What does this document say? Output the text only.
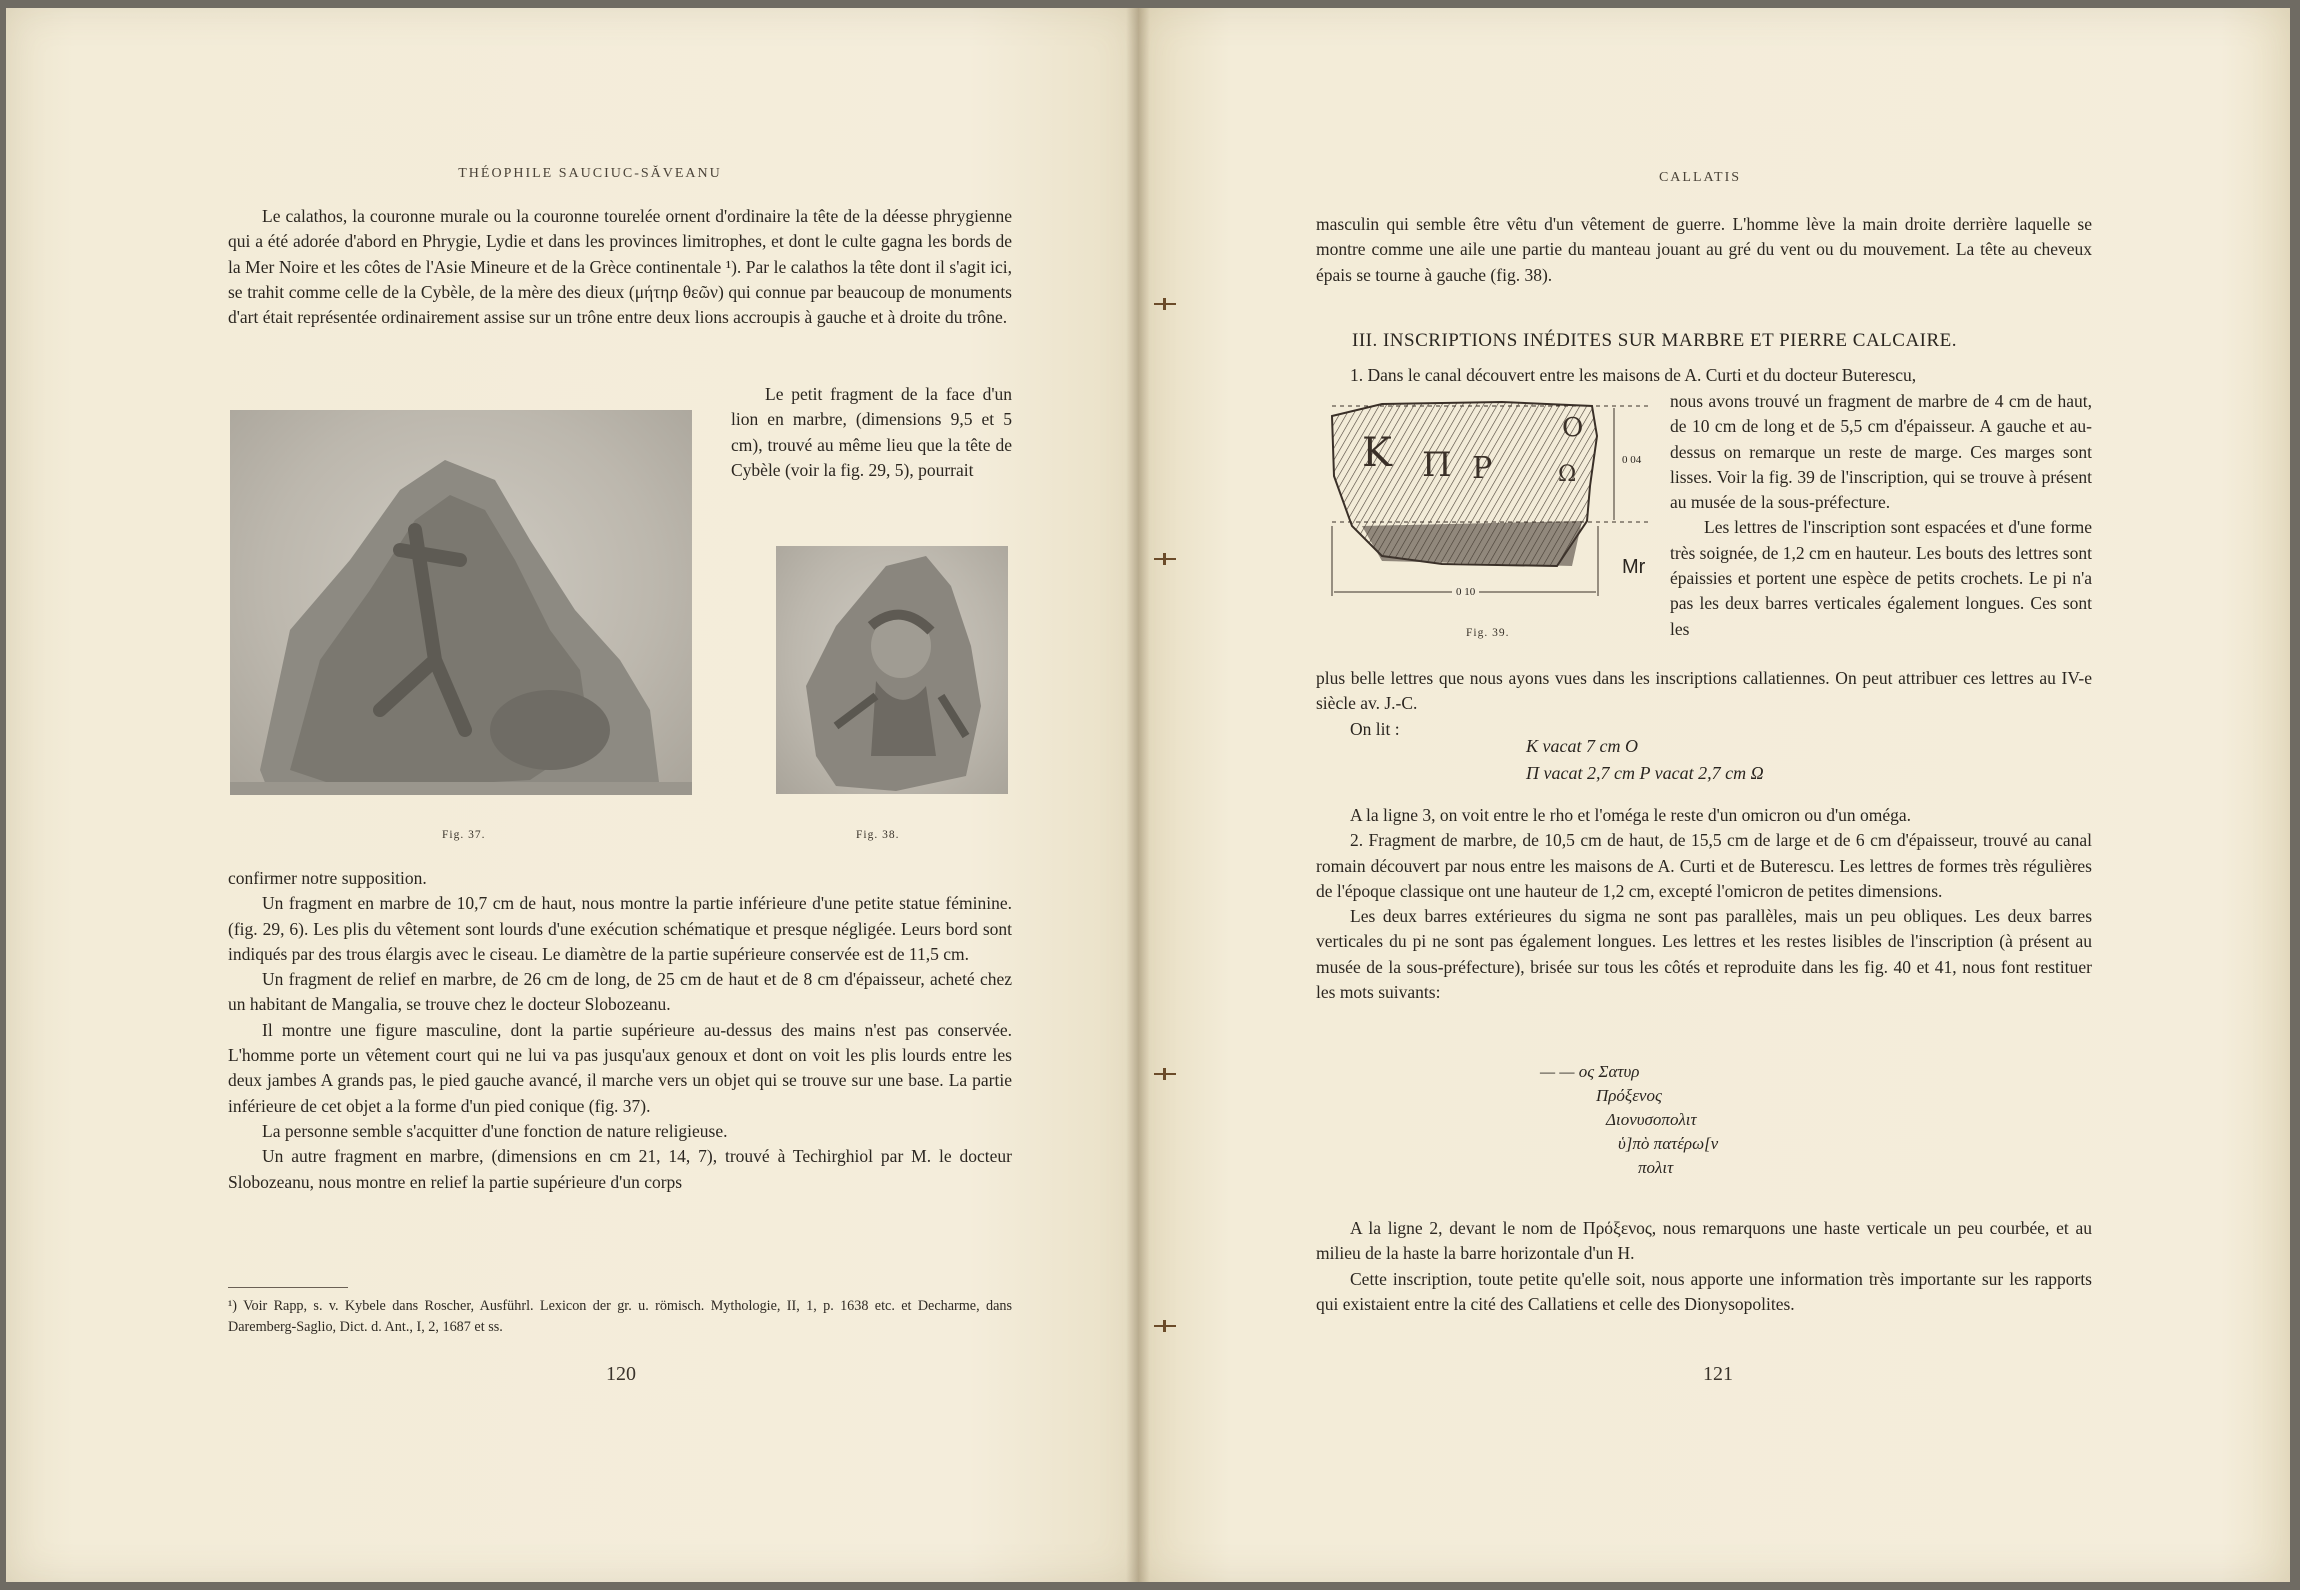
THÉOPHILE SAUCIUC-SĂVEANU

Le calathos, la couronne murale ou la couronne tourelée ornent d'ordinaire la tête de la déesse phrygienne qui a été adorée d'abord en Phrygie, Lydie et dans les provinces limitrophes, et dont le culte gagna les bords de la Mer Noire et les côtes de l'Asie Mineure et de la Grèce continentale ¹). Par le calathos la tête dont il s'agit ici, se trahit comme celle de la Cybèle, de la mère des dieux (μήτηρ θεῶν) qui connue par beaucoup de monuments d'art était représentée ordinairement assise sur un trône entre deux lions accroupis à gauche et à droite du trône.

Le petit fragment de la face d'un lion en marbre, (dimensions 9,5 et 5 cm), trouvé au même lieu que la tête de Cybèle (voir la fig. 29, 5), pourrait

Fig. 37.	Fig. 38.

confirmer notre supposition.

Un fragment en marbre de 10,7 cm de haut, nous montre la partie inférieure d'une petite statue féminine. (fig. 29, 6). Les plis du vêtement sont lourds d'une exécution schématique et presque négligée. Leurs bord sont indiqués par des trous élargis avec le ciseau. Le diamètre de la partie supérieure conservée est de 11,5 cm.

Un fragment de relief en marbre, de 26 cm de long, de 25 cm de haut et de 8 cm d'épaisseur, acheté chez un habitant de Mangalia, se trouve chez le docteur Slobozeanu.

Il montre une figure masculine, dont la partie supérieure au-dessus des mains n'est pas conservée. L'homme porte un vêtement court qui ne lui va pas jusqu'aux genoux et dont on voit les plis lourds entre les deux jambes A grands pas, le pied gauche avancé, il marche vers un objet qui se trouve sur une base. La partie inférieure de cet objet a la forme d'un pied conique (fig. 37).

La personne semble s'acquitter d'une fonction de nature religieuse.

Un autre fragment en marbre, (dimensions en cm 21, 14, 7), trouvé à Techirghiol par M. le docteur Slobozeanu, nous montre en relief la partie supérieure d'un corps

¹) Voir Rapp, s. v. Kybele dans Roscher, Ausführl. Lexicon der gr. u. römisch. Mythologie, II, 1, p. 1638 etc. et Decharme, dans Daremberg-Saglio, Dict. d. Ant., I, 2, 1687 et ss.
120
CALLATIS

masculin qui semble être vêtu d'un vêtement de guerre. L'homme lève la main droite derrière laquelle se montre comme une aile une partie du manteau jouant au gré du vent ou du mouvement. La tête au cheveux épais se tourne à gauche (fig. 38).

III. INSCRIPTIONS INÉDITES SUR MARBRE ET PIERRE CALCAIRE.

1. Dans le canal découvert entre les maisons de A. Curti et du docteur Buterescu,

K Π P
O
Ω
0 04
0 10
Mr
Fig. 39.

nous avons trouvé un fragment de marbre de 4 cm de haut, de 10 cm de long et de 5,5 cm d'épaisseur. A gauche et au-dessus on remarque un reste de marge. Ces marges sont lisses. Voir la fig. 39 de l'inscription, qui se trouve à présent au musée de la sous-préfecture.

Les lettres de l'inscription sont espacées et d'une forme très soignée, de 1,2 cm en hauteur. Les bouts des lettres sont épaissies et portent une espèce de petits crochets. Le pi n'a pas les deux barres verticales également longues. Ces sont les

plus belle lettres que nous ayons vues dans les inscriptions callatiennes. On peut attribuer ces lettres au IV-e siècle av. J.-C.

On lit :

K vacat 7 cm O
Π vacat 2,7 cm P vacat 2,7 cm Ω

A la ligne 3, on voit entre le rho et l'oméga le reste d'un omicron ou d'un oméga.

2. Fragment de marbre, de 10,5 cm de haut, de 15,5 cm de large et de 6 cm d'épaisseur, trouvé au canal romain découvert par nous entre les maisons de A. Curti et de Buterescu. Les lettres de formes très régulières de l'époque classique ont une hauteur de 1,2 cm, excepté l'omicron de petites dimensions.

Les deux barres extérieures du sigma ne sont pas parallèles, mais un peu obliques. Les deux barres verticales du pi ne sont pas également longues. Les lettres et les restes lisibles de l'inscription (à présent au musée de la sous-préfecture), brisée sur tous les côtés et reproduite dans les fig. 40 et 41, nous font restituer les mots suivants:

— — ος Σατυρ
Πρόξενος
Διονυσοπολιτ
ὑ]πὸ πατέρω[ν
πολιτ

A la ligne 2, devant le nom de Πρόξενος, nous remarquons une haste verticale un peu courbée, et au milieu de la haste la barre horizontale d'un H.

Cette inscription, toute petite qu'elle soit, nous apporte une information très importante sur les rapports qui existaient entre la cité des Callatiens et celle des Dionysopolites.

121
